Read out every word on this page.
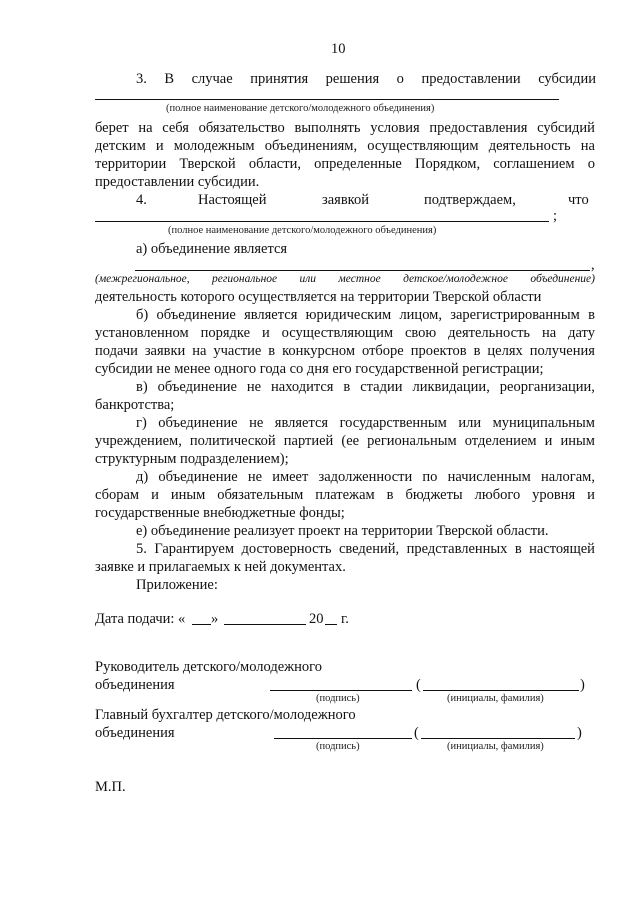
10
3. В случае принятия решения о предоставлении субсидии
(полное наименование детского/молодежного объединения)
берет на себя обязательство выполнять условия предоставления субсидий
детским и молодежным объединениям, осуществляющим деятельность на
территории Тверской области, определенные Порядком, соглашением о
предоставлении субсидии.
4.	Настоящей	заявкой	подтверждаем,	что
;
(полное наименование детского/молодежного объединения)
а) объединение является
,
(межрегиональное, региональное или местное детское/молодежное объединение)
деятельность которого осуществляется на территории Тверской области
б) объединение является юридическим лицом, зарегистрированным в
установленном порядке и осуществляющим свою деятельность на дату
подачи заявки на участие в конкурсном отборе проектов в целях получения
субсидии не менее одного года со дня его государственной регистрации;
в) объединение не находится в стадии ликвидации, реорганизации,
банкротства;
г) объединение не является государственным или муниципальным
учреждением, политической партией (ее региональным отделением и иным
структурным подразделением);
д) объединение не имеет задолженности по начисленным налогам,
сборам и иным обязательным платежам в бюджеты любого уровня и
государственные внебюджетные фонды;
е) объединение реализует проект на территории Тверской области.
5. Гарантируем достоверность сведений, представленных в настоящей
заявке и прилагаемых к ней документах.
Приложение:
Дата подачи: « »	20 г.
Руководитель детского/молодежного
объединения	(	)
(подпись)	(инициалы, фамилия)
Главный бухгалтер детского/молодежного
объединения	(	)
(подпись)	(инициалы, фамилия)
М.П.
